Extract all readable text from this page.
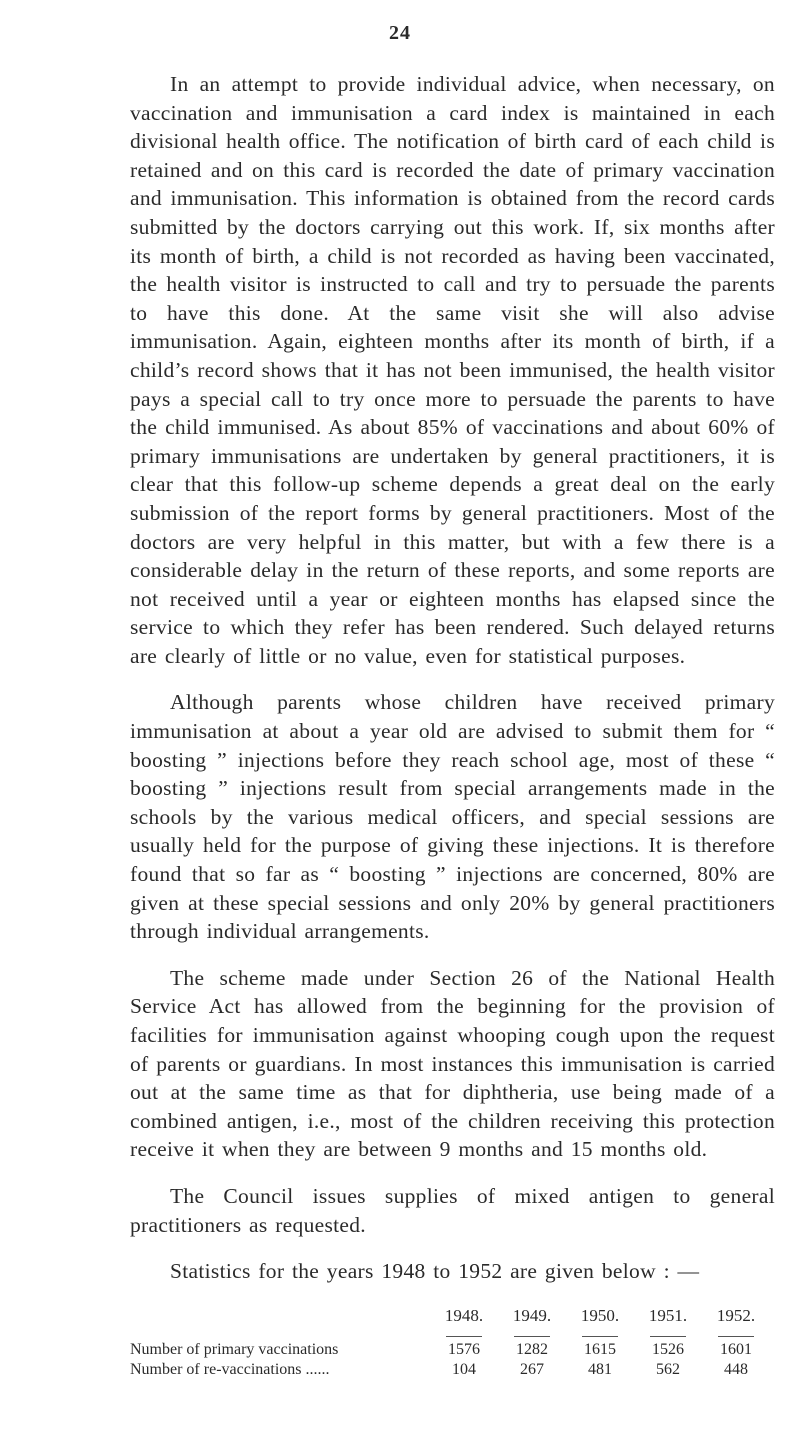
24

In an attempt to provide individual advice, when necessary, on vaccination and immunisation a card index is maintained in each divisional health office. The notification of birth card of each child is retained and on this card is recorded the date of primary vaccination and immunisation. This information is obtained from the record cards submitted by the doctors carrying out this work. If, six months after its month of birth, a child is not recorded as having been vaccinated, the health visitor is instructed to call and try to persuade the parents to have this done. At the same visit she will also advise immunisation. Again, eighteen months after its month of birth, if a child’s record shows that it has not been immunised, the health visitor pays a special call to try once more to persuade the parents to have the child immunised. As about 85% of vaccinations and about 60% of primary immunisations are undertaken by general practitioners, it is clear that this follow-up scheme depends a great deal on the early submission of the report forms by general practitioners. Most of the doctors are very helpful in this matter, but with a few there is a considerable delay in the return of these reports, and some reports are not received until a year or eighteen months has elapsed since the service to which they refer has been rendered. Such delayed returns are clearly of little or no value, even for statistical purposes.

Although parents whose children have received primary immunisation at about a year old are advised to submit them for “ boosting ” injections before they reach school age, most of these “ boosting ” injections result from special arrangements made in the schools by the various medical officers, and special sessions are usually held for the purpose of giving these injections. It is therefore found that so far as “ boosting ” injections are concerned, 80% are given at these special sessions and only 20% by general practitioners through individual arrangements.

The scheme made under Section 26 of the National Health Service Act has allowed from the beginning for the provision of facilities for immunisation against whooping cough upon the request of parents or guardians. In most instances this immunisation is carried out at the same time as that for diphtheria, use being made of a combined antigen, i.e., most of the children receiving this protection receive it when they are between 9 months and 15 months old.

The Council issues supplies of mixed antigen to general practitioners as requested.

Statistics for the years 1948 to 1952 are given below : —

	1948.	1949.	1950.	1951.	1952.

Number of primary vaccinations	1576	1282	1615	1526	1601
Number of re-vaccinations ......	104	267	481	562	448
